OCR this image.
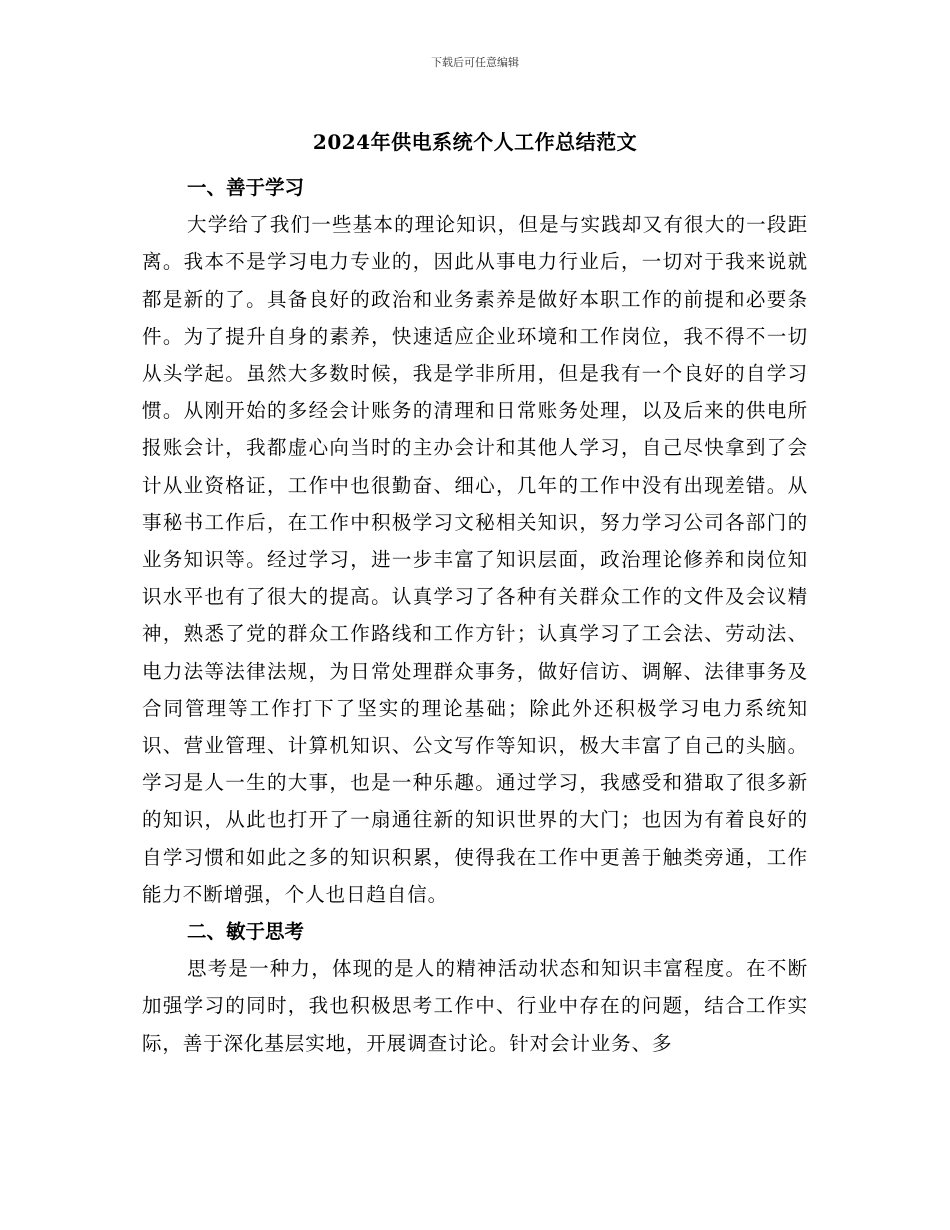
下载后可任意编辑
2024年供电系统个人工作总结范文
一、善于学习

大学给了我们一些基本的理论知识，但是与实践却又有很大的一段距离。我本不是学习电力专业的，因此从事电力行业后，一切对于我来说就都是新的了。具备良好的政治和业务素养是做好本职工作的前提和必要条件。为了提升自身的素养，快速适应企业环境和工作岗位，我不得不一切从头学起。虽然大多数时候，我是学非所用，但是我有一个良好的自学习惯。从刚开始的多经会计账务的清理和日常账务处理，以及后来的供电所报账会计，我都虚心向当时的主办会计和其他人学习，自己尽快拿到了会计从业资格证，工作中也很勤奋、细心，几年的工作中没有出现差错。从事秘书工作后，在工作中积极学习文秘相关知识，努力学习公司各部门的业务知识等。经过学习，进一步丰富了知识层面，政治理论修养和岗位知识水平也有了很大的提高。认真学习了各种有关群众工作的文件及会议精神，熟悉了党的群众工作路线和工作方针；认真学习了工会法、劳动法、电力法等法律法规，为日常处理群众事务，做好信访、调解、法律事务及合同管理等工作打下了坚实的理论基础；除此外还积极学习电力系统知识、营业管理、计算机知识、公文写作等知识，极大丰富了自己的头脑。学习是人一生的大事，也是一种乐趣。通过学习，我感受和猎取了很多新的知识，从此也打开了一扇通往新的知识世界的大门；也因为有着良好的自学习惯和如此之多的知识积累，使得我在工作中更善于触类旁通，工作能力不断增强，个人也日趋自信。

二、敏于思考

思考是一种力，体现的是人的精神活动状态和知识丰富程度。在不断加强学习的同时，我也积极思考工作中、行业中存在的问题，结合工作实际，善于深化基层实地，开展调查讨论。针对会计业务、多
